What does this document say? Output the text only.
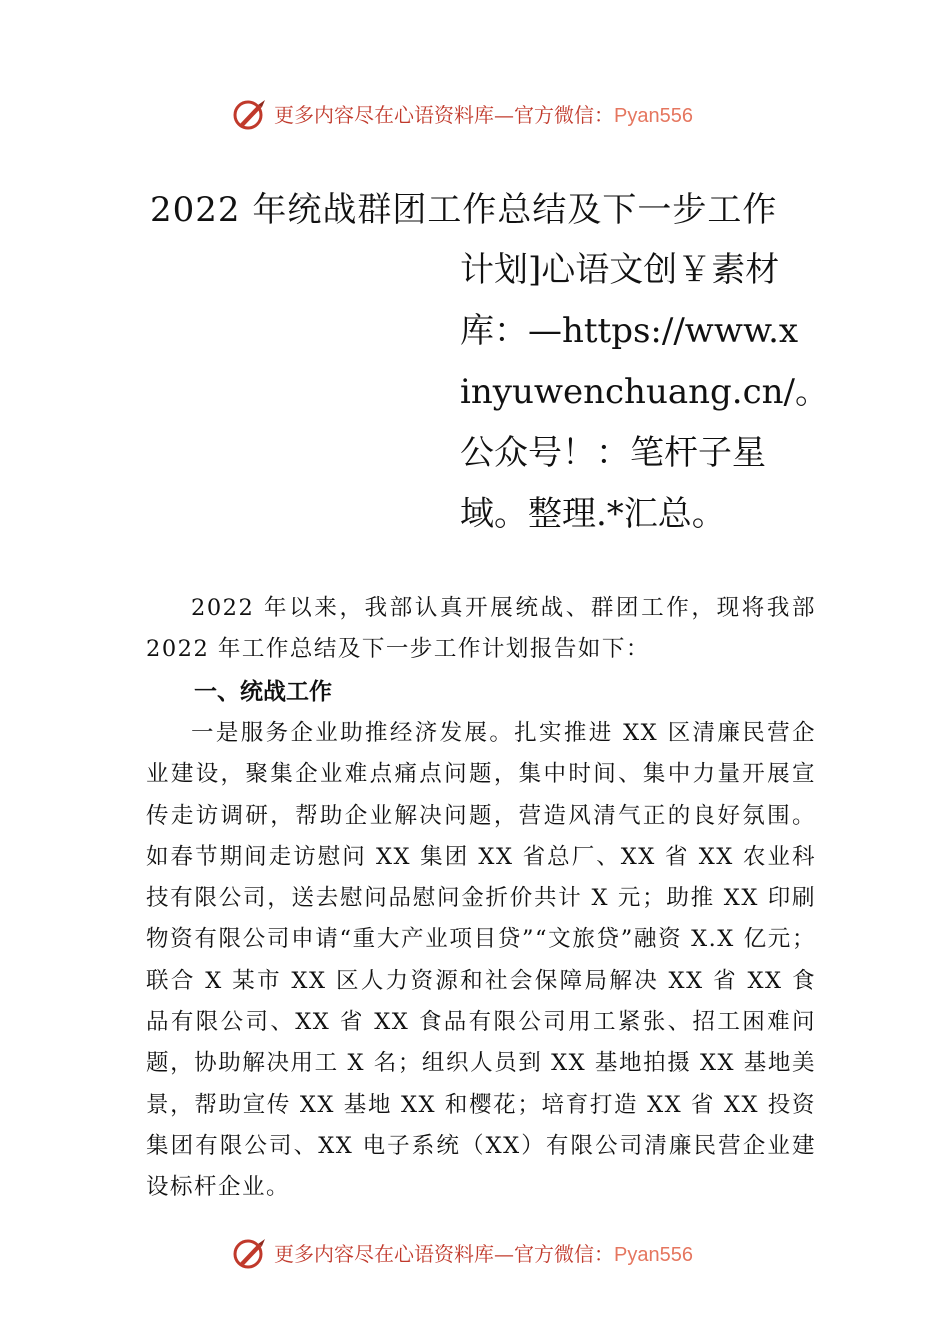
更多内容尽在心语资料库—官方微信：Pyan556
2022 年统战群团工作总结及下一步工作
计划]心语文创￥素材
库：—https://www.x
inyuwenchuang.cn/。
公众号！：笔杆子星
域。整理.*汇总。

2022 年以来，我部认真开展统战、群团工作，现将我部 2022 年工作总结及下一步工作计划报告如下：

一、统战工作

一是服务企业助推经济发展。扎实推进 XX 区清廉民营企业建设，聚集企业难点痛点问题，集中时间、集中力量开展宣传走访调研，帮助企业解决问题，营造风清气正的良好氛围。如春节期间走访慰问 XX 集团 XX 省总厂、XX 省 XX 农业科技有限公司，送去慰问品慰问金折价共计 X 元；助推 XX 印刷物资有限公司申请“重大产业项目贷”“文旅贷”融资 X.X 亿元；联合 X 某市 XX 区人力资源和社会保障局解决 XX 省 XX 食品有限公司、XX 省 XX 食品有限公司用工紧张、招工困难问题，协助解决用工 X 名；组织人员到 XX 基地拍摄 XX 基地美景，帮助宣传 XX 基地 XX 和樱花；培育打造 XX 省 XX 投资集团有限公司、XX 电子系统（XX）有限公司清廉民营企业建设标杆企业。

更多内容尽在心语资料库—官方微信：Pyan556
